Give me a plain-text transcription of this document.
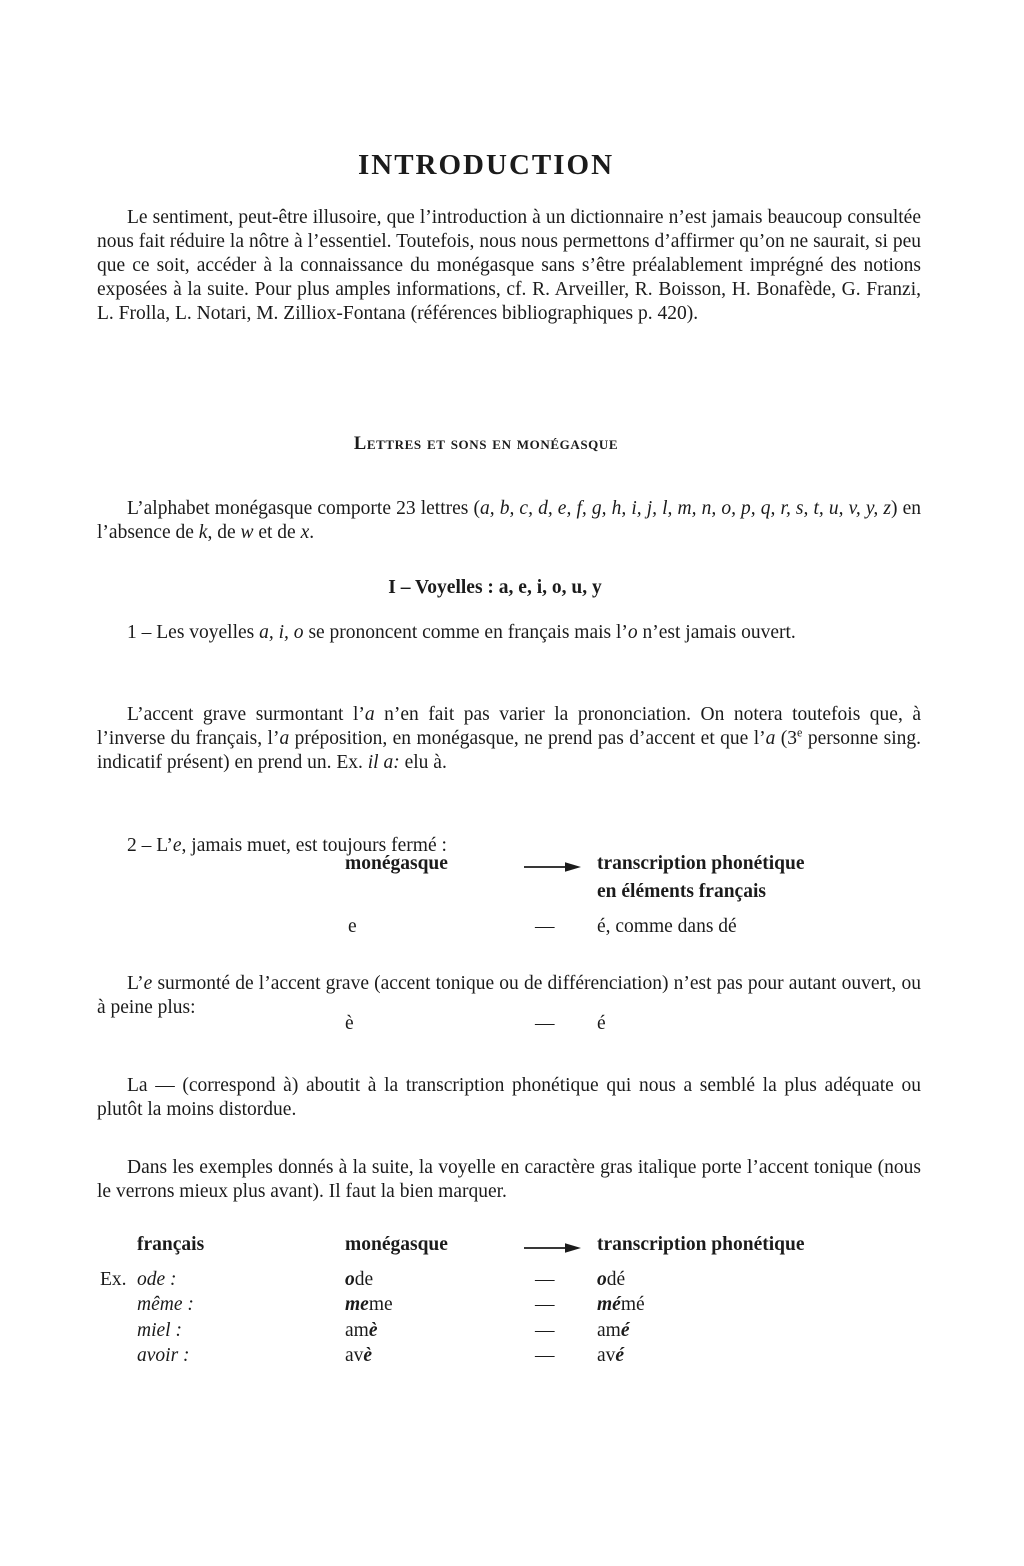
INTRODUCTION

Le sentiment, peut-être illusoire, que l’introduction à un dictionnaire n’est jamais beaucoup consultée nous fait réduire la nôtre à l’essentiel. Toutefois, nous nous permettons d’affirmer qu’on ne saurait, si peu que ce soit, accéder à la connaissance du monégasque sans s’être préalablement imprégné des notions exposées à la suite. Pour plus amples informations, cf. R. Arveiller, R. Boisson, H. Bonafède, G. Franzi, L. Frolla, L. Notari, M. Zilliox-Fontana (références bibliographiques p. 420).

Lettres et sons en monégasque

L’alphabet monégasque comporte 23 lettres (a, b, c, d, e, f, g, h, i, j, l, m, n, o, p, q, r, s, t, u, v, y, z) en l’absence de k, de w et de x.

I – Voyelles : a, e, i, o, u, y

1 – Les voyelles a, i, o se prononcent comme en français mais l’o n’est jamais ouvert.

L’accent grave surmontant l’a n’en fait pas varier la prononciation. On notera toutefois que, à l’inverse du français, l’a préposition, en monégasque, ne prend pas d’accent et que l’a (3e personne sing. indicatif présent) en prend un. Ex. il a: elu à.

2 – L’e, jamais muet, est toujours fermé :

monégasque	transcription phonétique
en éléments français
e	— é, comme dans dé

L’e surmonté de l’accent grave (accent tonique ou de différenciation) n’est pas pour autant ouvert, ou à peine plus:

è	— é

La — (correspond à) aboutit à la transcription phonétique qui nous a semblé la plus adéquate ou plutôt la moins distordue.

Dans les exemples donnés à la suite, la voyelle en caractère gras italique porte l’accent tonique (nous le verrons mieux plus avant). Il faut la bien marquer.

français	monégasque	transcription phonétique
Ex. ode :	ode	— odé
même :	meme	— mémé
miel :	amè	— amé
avoir :	avè	— avé
